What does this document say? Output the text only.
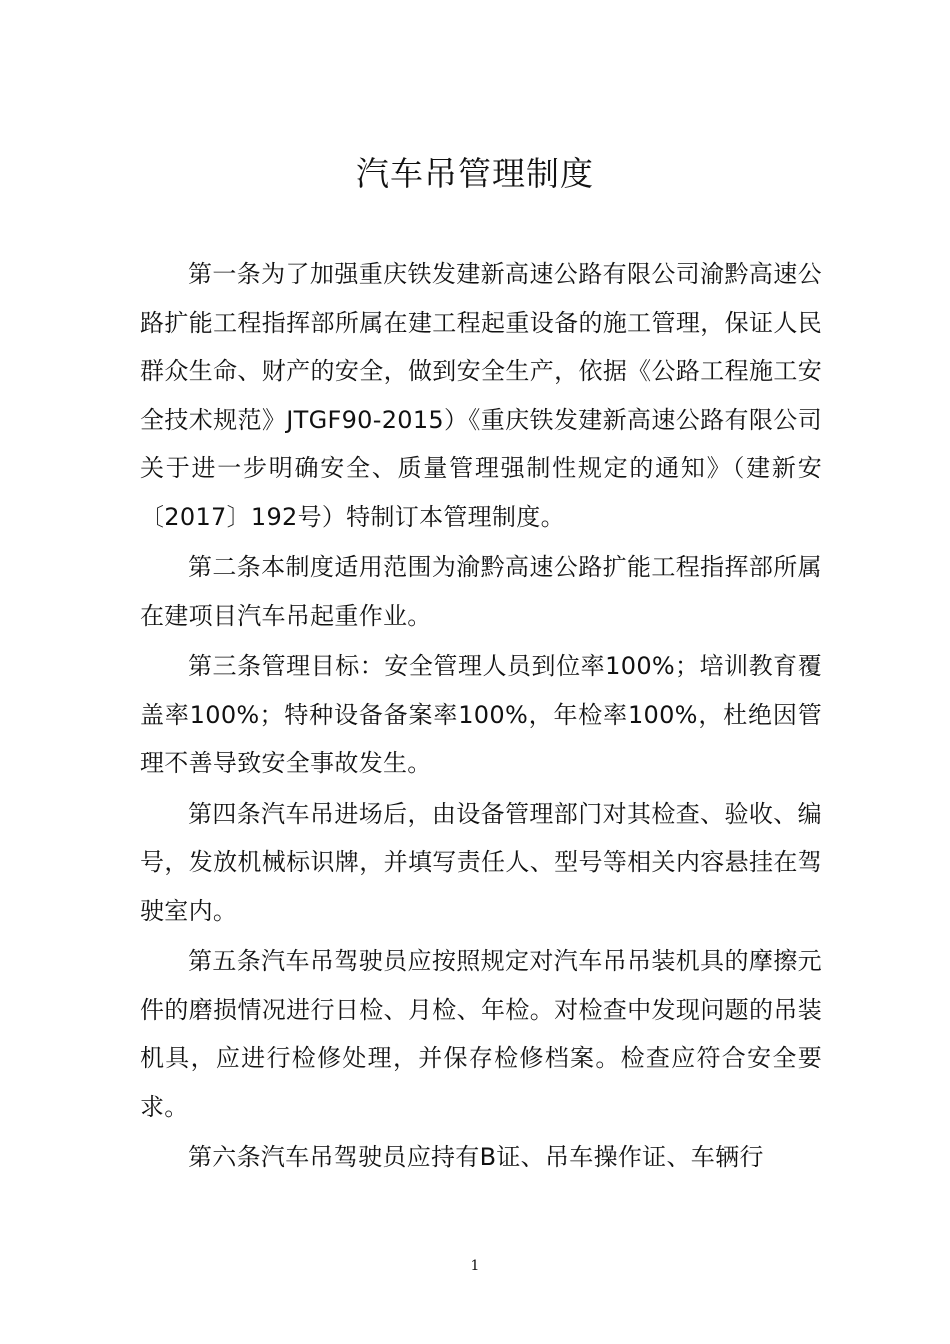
汽车吊管理制度

第一条为了加强重庆铁发建新高速公路有限公司渝黔高速公路扩能工程指挥部所属在建工程起重设备的施工管理，保证人民群众生命、财产的安全，做到安全生产，依据《公路工程施工安全技术规范》JTGF90-2015）《重庆铁发建新高速公路有限公司关于进一步明确安全、质量管理强制性规定的通知》（建新安〔2017〕192号）特制订本管理制度。

第二条本制度适用范围为渝黔高速公路扩能工程指挥部所属在建项目汽车吊起重作业。

第三条管理目标：安全管理人员到位率100%；培训教育覆盖率100%；特种设备备案率100%，年检率100%，杜绝因管理不善导致安全事故发生。

第四条汽车吊进场后，由设备管理部门对其检查、验收、编号，发放机械标识牌，并填写责任人、型号等相关内容悬挂在驾驶室内。

第五条汽车吊驾驶员应按照规定对汽车吊吊装机具的摩擦元件的磨损情况进行日检、月检、年检。对检查中发现问题的吊装机具，应进行检修处理，并保存检修档案。检查应符合安全要求。

第六条汽车吊驾驶员应持有B证、吊车操作证、车辆行

1
